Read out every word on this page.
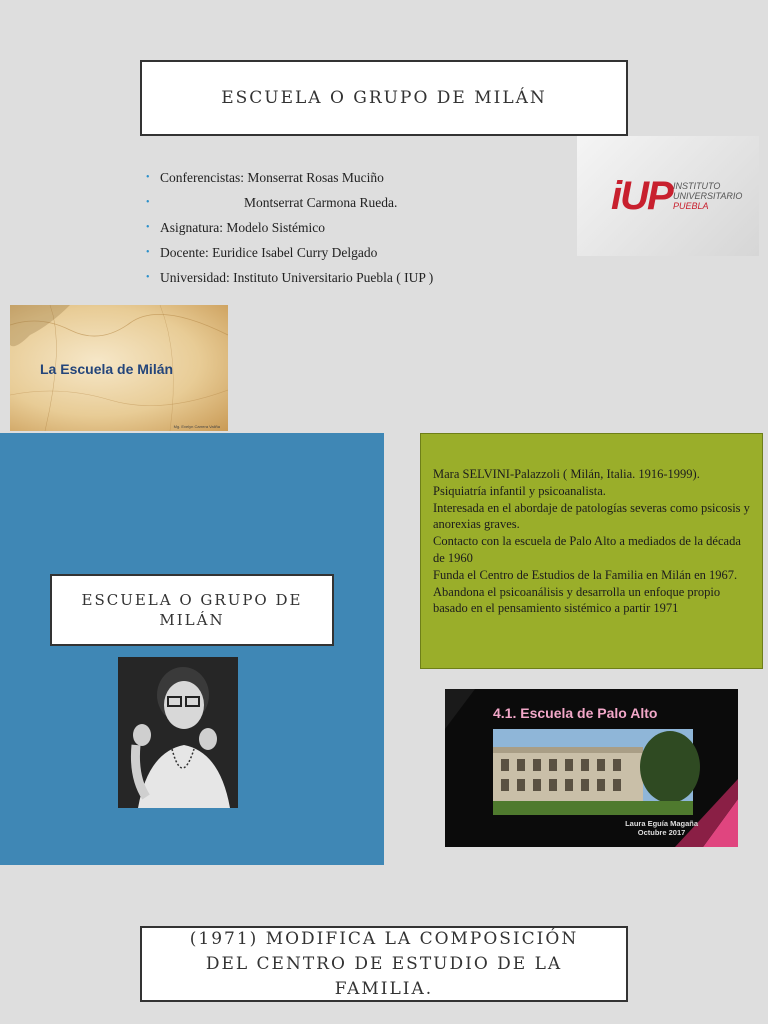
ESCUELA O GRUPO DE MILÁN
• Conferencistas: Monserrat Rosas Muciño
•	Montserrat Carmona Rueda.
• Asignatura: Modelo Sistémico
• Docente: Euridice Isabel Curry Delgado
• Universidad: Instituto Universitario Puebla ( IUP )
iUP INSTITUTO
UNIVERSITARIO
PUEBLA
La Escuela de Milán
Mg. Evelyn Carrera Valiña
ESCUELA O GRUPO DE MILÁN
Mara SELVINI-Palazzoli ( Milán, Italia. 1916-1999).
Psiquiatría infantil y psicoanalista.
Interesada en el abordaje de patologías severas como psicosis y anorexias graves.
Contacto con la escuela de Palo Alto a mediados de la década de 1960
Funda el Centro de Estudios de la Familia en Milán en 1967.
Abandona el psicoanálisis y desarrolla un enfoque propio basado en el pensamiento sistémico a partir 1971
4.1. Escuela de Palo Alto
Laura Eguía Magaña
Octubre 2017
(1971) MODIFICA LA COMPOSICIÓN DEL CENTRO DE ESTUDIO DE LA FAMILIA.
